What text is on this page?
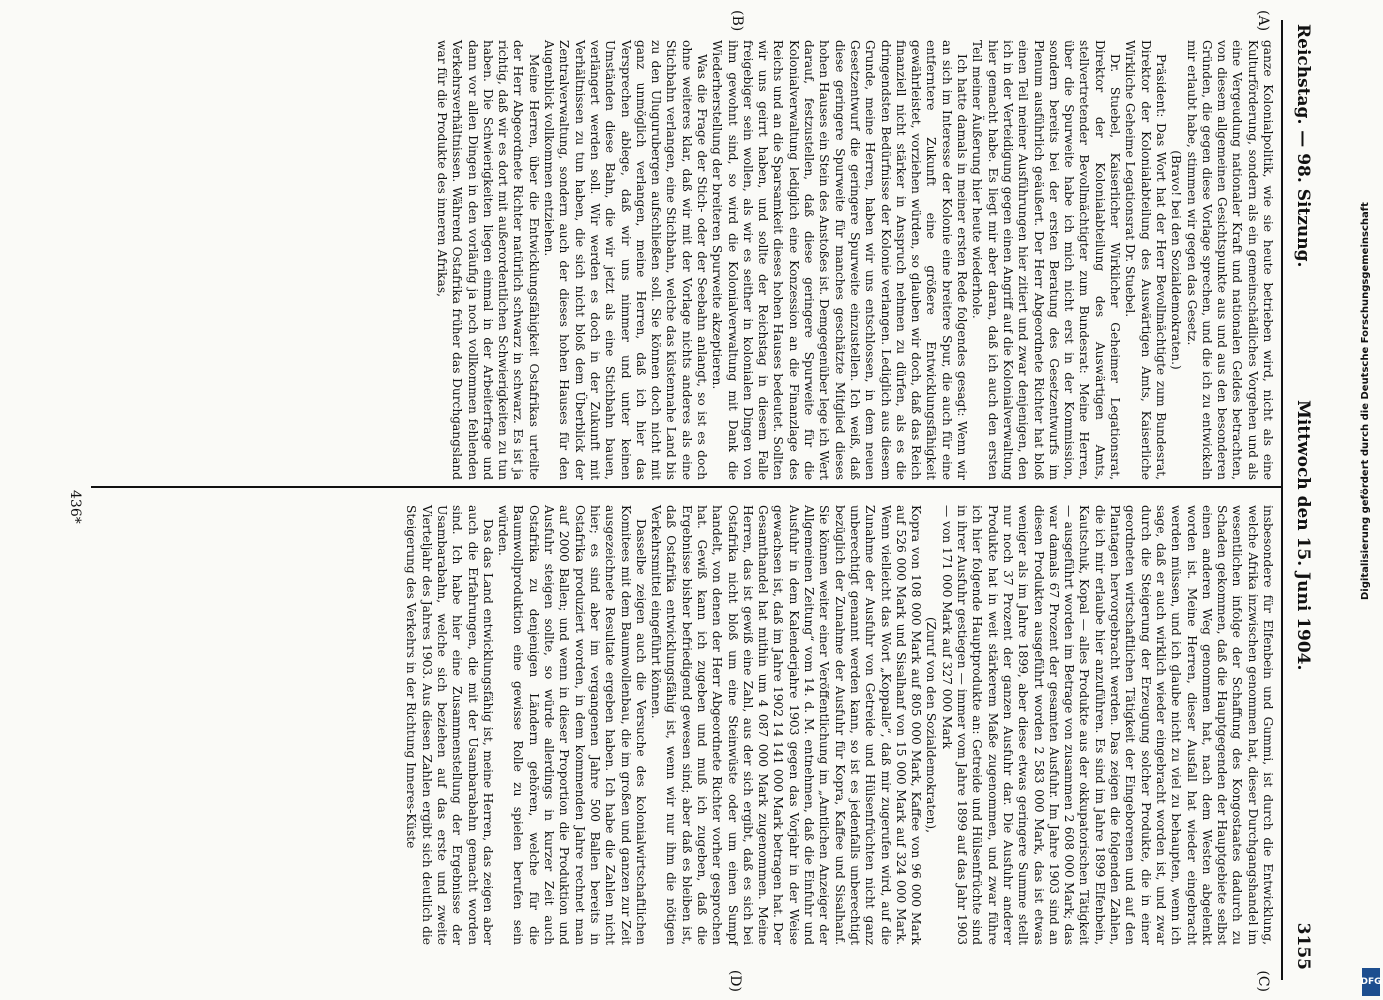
Reichstag. — 98. Sitzung.
Mittwoch den 15. Juni 1904.
3155
(A)
(B)
(C)
(D)

ganze Kolonialpolitik, wie sie heute betrieben wird, nicht als eine Kulturförderung, sondern als ein gemeinschädliches Vorgehen und als eine Vergeudung nationaler Kraft und nationalen Geldes betrachten, von diesem allgemeinen Gesichtspunkte aus und aus den besonderen Gründen, die gegen diese Vorlage sprechen, und die ich zu entwickeln mir erlaubt habe, stimmen wir gegen das Gesetz.

(Bravo! bei den Sozialdemokraten.)

Präsident: Das Wort hat der Herr Bevollmächtigte zum Bundesrat, Direktor der Kolonialabteilung des Auswärtigen Amts, Kaiserliche Wirkliche Geheime Legationsrat Dr. Stuebel.

Dr. Stuebel, Kaiserlicher Wirklicher Geheimer Legationsrat, Direktor der Kolonialabteilung des Auswärtigen Amts, stellvertretender Bevollmächtigter zum Bundesrat: Meine Herren, über die Spurweite habe ich mich nicht erst in der Kommission, sondern bereits bei der ersten Beratung des Gesetzentwurfs im Plenum ausführlich geäußert. Der Herr Abgeordnete Richter hat bloß einen Teil meiner Ausführungen hier zitiert und zwar denjenigen, den ich in der Verteidigung gegen einen Angriff auf die Kolonialverwaltung hier gemacht habe. Es liegt mir aber daran, daß ich auch den ersten Teil meiner Äußerung hier heute wiederhole.

Ich hatte damals in meiner ersten Rede folgendes gesagt: Wenn wir an sich im Interesse der Kolonie eine breitere Spur, die auch für eine entferntere Zukunft eine größere Entwicklungsfähigkeit gewährleistet, vorziehen würden, so glauben wir doch, daß das Reich finanziell nicht stärker in Anspruch nehmen zu dürfen, als es die dringendsten Bedürfnisse der Kolonie verlangen. Lediglich aus diesem Grunde, meine Herren, haben wir uns entschlossen, in dem neuen Gesetzentwurf die geringere Spurweite einzustellen. Ich weiß, daß diese geringere Spurweite für manches geschätzte Mitglied dieses hohen Hauses ein Stein des Anstoßes ist. Demgegenüber lege ich Wert darauf, festzustellen, daß diese geringere Spurweite für die Kolonialverwaltung lediglich eine Konzession an die Finanzlage des Reichs und an die Sparsamkeit dieses hohen Hauses bedeutet. Sollten wir uns geirrt haben, und sollte der Reichstag in diesem Falle freigebiger sein wollen, als wir es seither in kolonialen Dingen von ihm gewohnt sind, so wird die Kolonialverwaltung mit Dank die Wiederherstellung der breiteren Spurweite akzeptieren.

Was die Frage der Stich- oder der Seebahn anlangt, so ist es doch ohne weiteres klar, daß wir mit der Vorlage nichts anderes als eine Stichbahn verlangen, eine Stichbahn, welche das küstennahe Land bis zu den Ulugurubergen aufschließen soll. Sie können doch nicht mit ganz unmöglich verlangen, meine Herren, daß ich hier das Versprechen ablege, daß wir uns nimmer und unter keinen Umständen diese Bahn, die wir jetzt als eine Stichbahn bauen, verlängert werden soll. Wir werden es doch in der Zukunft mit Verhältnissen zu tun haben, die sich nicht bloß dem Überblick der Zentralverwaltung, sondern auch der dieses hohen Hauses für den Augenblick vollkommen entziehen.

Meine Herren, über die Entwicklungsfähigkeit Ostafrikas urteilte der Herr Abgeordnete Richter natürlich schwarz in schwarz. Es ist ja richtig, daß wir es dort mit außerordentlichen Schwierigkeiten zu tun haben. Die Schwierigkeiten liegen einmal in der Arbeiterfrage und dann vor allen Dingen in den vorläufig ja noch vollkommen fehlenden Verkehrsverhältnissen. Während Ostafrika früher das Durchgangsland war für die Produkte des inneren Afrikas,

insbesondere für Elfenbein und Gummi, ist durch die Entwicklung, welche Afrika inzwischen genommen hat, dieser Durchgangshandel im wesentlichen infolge der Schaffung des Kongostaates dadurch zu Schaden gekommen, daß die Hauptgegenden der Hauptgebiete selbst einen anderen Weg genommen hat, nach dem Westen abgelenkt worden ist. Meine Herren, dieser Ausfall hat wieder eingebracht werden müssen, und ich glaube nicht zu viel zu behaupten, wenn ich sage, daß er auch wirklich wieder eingebracht worden ist, und zwar durch die Steigerung der Erzeugung solcher Produkte, die in einer geordneten wirtschaftlichen Tätigkeit der Eingeborenen und auf den Plantagen hervorgebracht werden. Das zeigen die folgenden Zahlen, die ich mir erlaube hier anzuführen. Es sind im Jahre 1899 Elfenbein, Kautschuk, Kopal — alles Produkte aus der okkupatorischen Tätigkeit — ausgeführt worden im Betrage von zusammen 2 608 000 Mark; das war damals 67 Prozent der gesamten Ausfuhr. Im Jahre 1903 sind an diesen Produkten ausgeführt worden 2 583 000 Mark, das ist etwas weniger als im Jahre 1899, aber diese etwas geringere Summe stellt nur noch 37 Prozent der ganzen Ausfuhr dar. Die Ausfuhr anderer Produkte hat in weit stärkerem Maße zugenommen, und zwar führe ich hier folgende Hauptprodukte an: Getreide und Hülsenfrüchte sind in ihrer Ausfuhr gestiegen — immer vom Jahre 1899 auf das Jahr 1903 — von 171 000 Mark auf 327 000 Mark

(Zuruf von den Sozialdemokraten),

Kopra von 108 000 Mark auf 805 000 Mark, Kaffee von 96 000 Mark auf 526 000 Mark und Sisalhanf von 15 000 Mark auf 324 000 Mark. Wenn vielleicht das Wort „Koppalle“, daß mir zugerufen wird, auf die Zunahme der Ausfuhr von Getreide und Hülsenfrüchten nicht ganz unberechtigt genannt werden kann, so ist es jedenfalls unberechtigt bezüglich der Zunahme der Ausfuhr für Kopra, Kaffee und Sisalhanf. Sie können weiter einer Veröffentlichung im „Amtlichen Anzeiger der Allgemeinen Zeitung“ vom 14. d. M. entnehmen, daß die Einfuhr und Ausfuhr in dem Kalenderjahre 1903 gegen das Vorjahr in der Weise gewachsen ist, daß im Jahre 1902 14 141 000 Mark betragen hat. Der Gesamthandel hat mithin um 4 087 000 Mark zugenommen. Meine Herren, das ist gewiß eine Zahl, aus der sich ergibt, daß es sich bei Ostafrika nicht bloß um eine Steinwüste oder um einen Sumpf handelt, von denen der Herr Abgeordnete Richter vorher gesprochen hat. Gewiß kann ich zugeben und muß ich zugeben, daß die Ergebnisse bisher befriedigend gewesen sind; aber daß es bleiben ist, daß Ostafrika entwicklungsfähig ist, wenn wir nur ihm die nötigen Verkehrsmittel eingeführt können.

Dasselbe zeigen auch die Versuche des kolonialwirtschaftlichen Komitees mit dem Baumwollenbau, die im großen und ganzen zur Zeit ausgezeichnete Resultate ergeben haben. Ich habe die Zahlen nicht hier; es sind aber im vergangenen Jahre 500 Ballen bereits in Ostafrika produziert worden, in dem kommenden Jahre rechnet man auf 2000 Ballen; und wenn in dieser Proportion die Produktion und Ausfuhr steigen sollte, so würde allerdings in kurzer Zeit auch Ostafrika zu denjenigen Ländern gehören, welche für die Baumwollproduktion eine gewisse Rolle zu spielen berufen sein würden.

Das das Land entwicklungsfähig ist, meine Herren, das zeigen aber auch die Erfahrungen, die mit der Usambarabahn gemacht worden sind. Ich habe hier eine Zusammenstellung der Ergebnisse der Usambarabahn, welche sich beziehen auf das erste und zweite Vierteljahr des Jahres 1903. Aus diesen Zahlen ergibt sich deutlich die Steigerung des Verkehrs in der Richtung Inneres-Küste

436*	Digitalisierung gefördert durch die Deutsche Forschungsgemeinschaft
DFG
